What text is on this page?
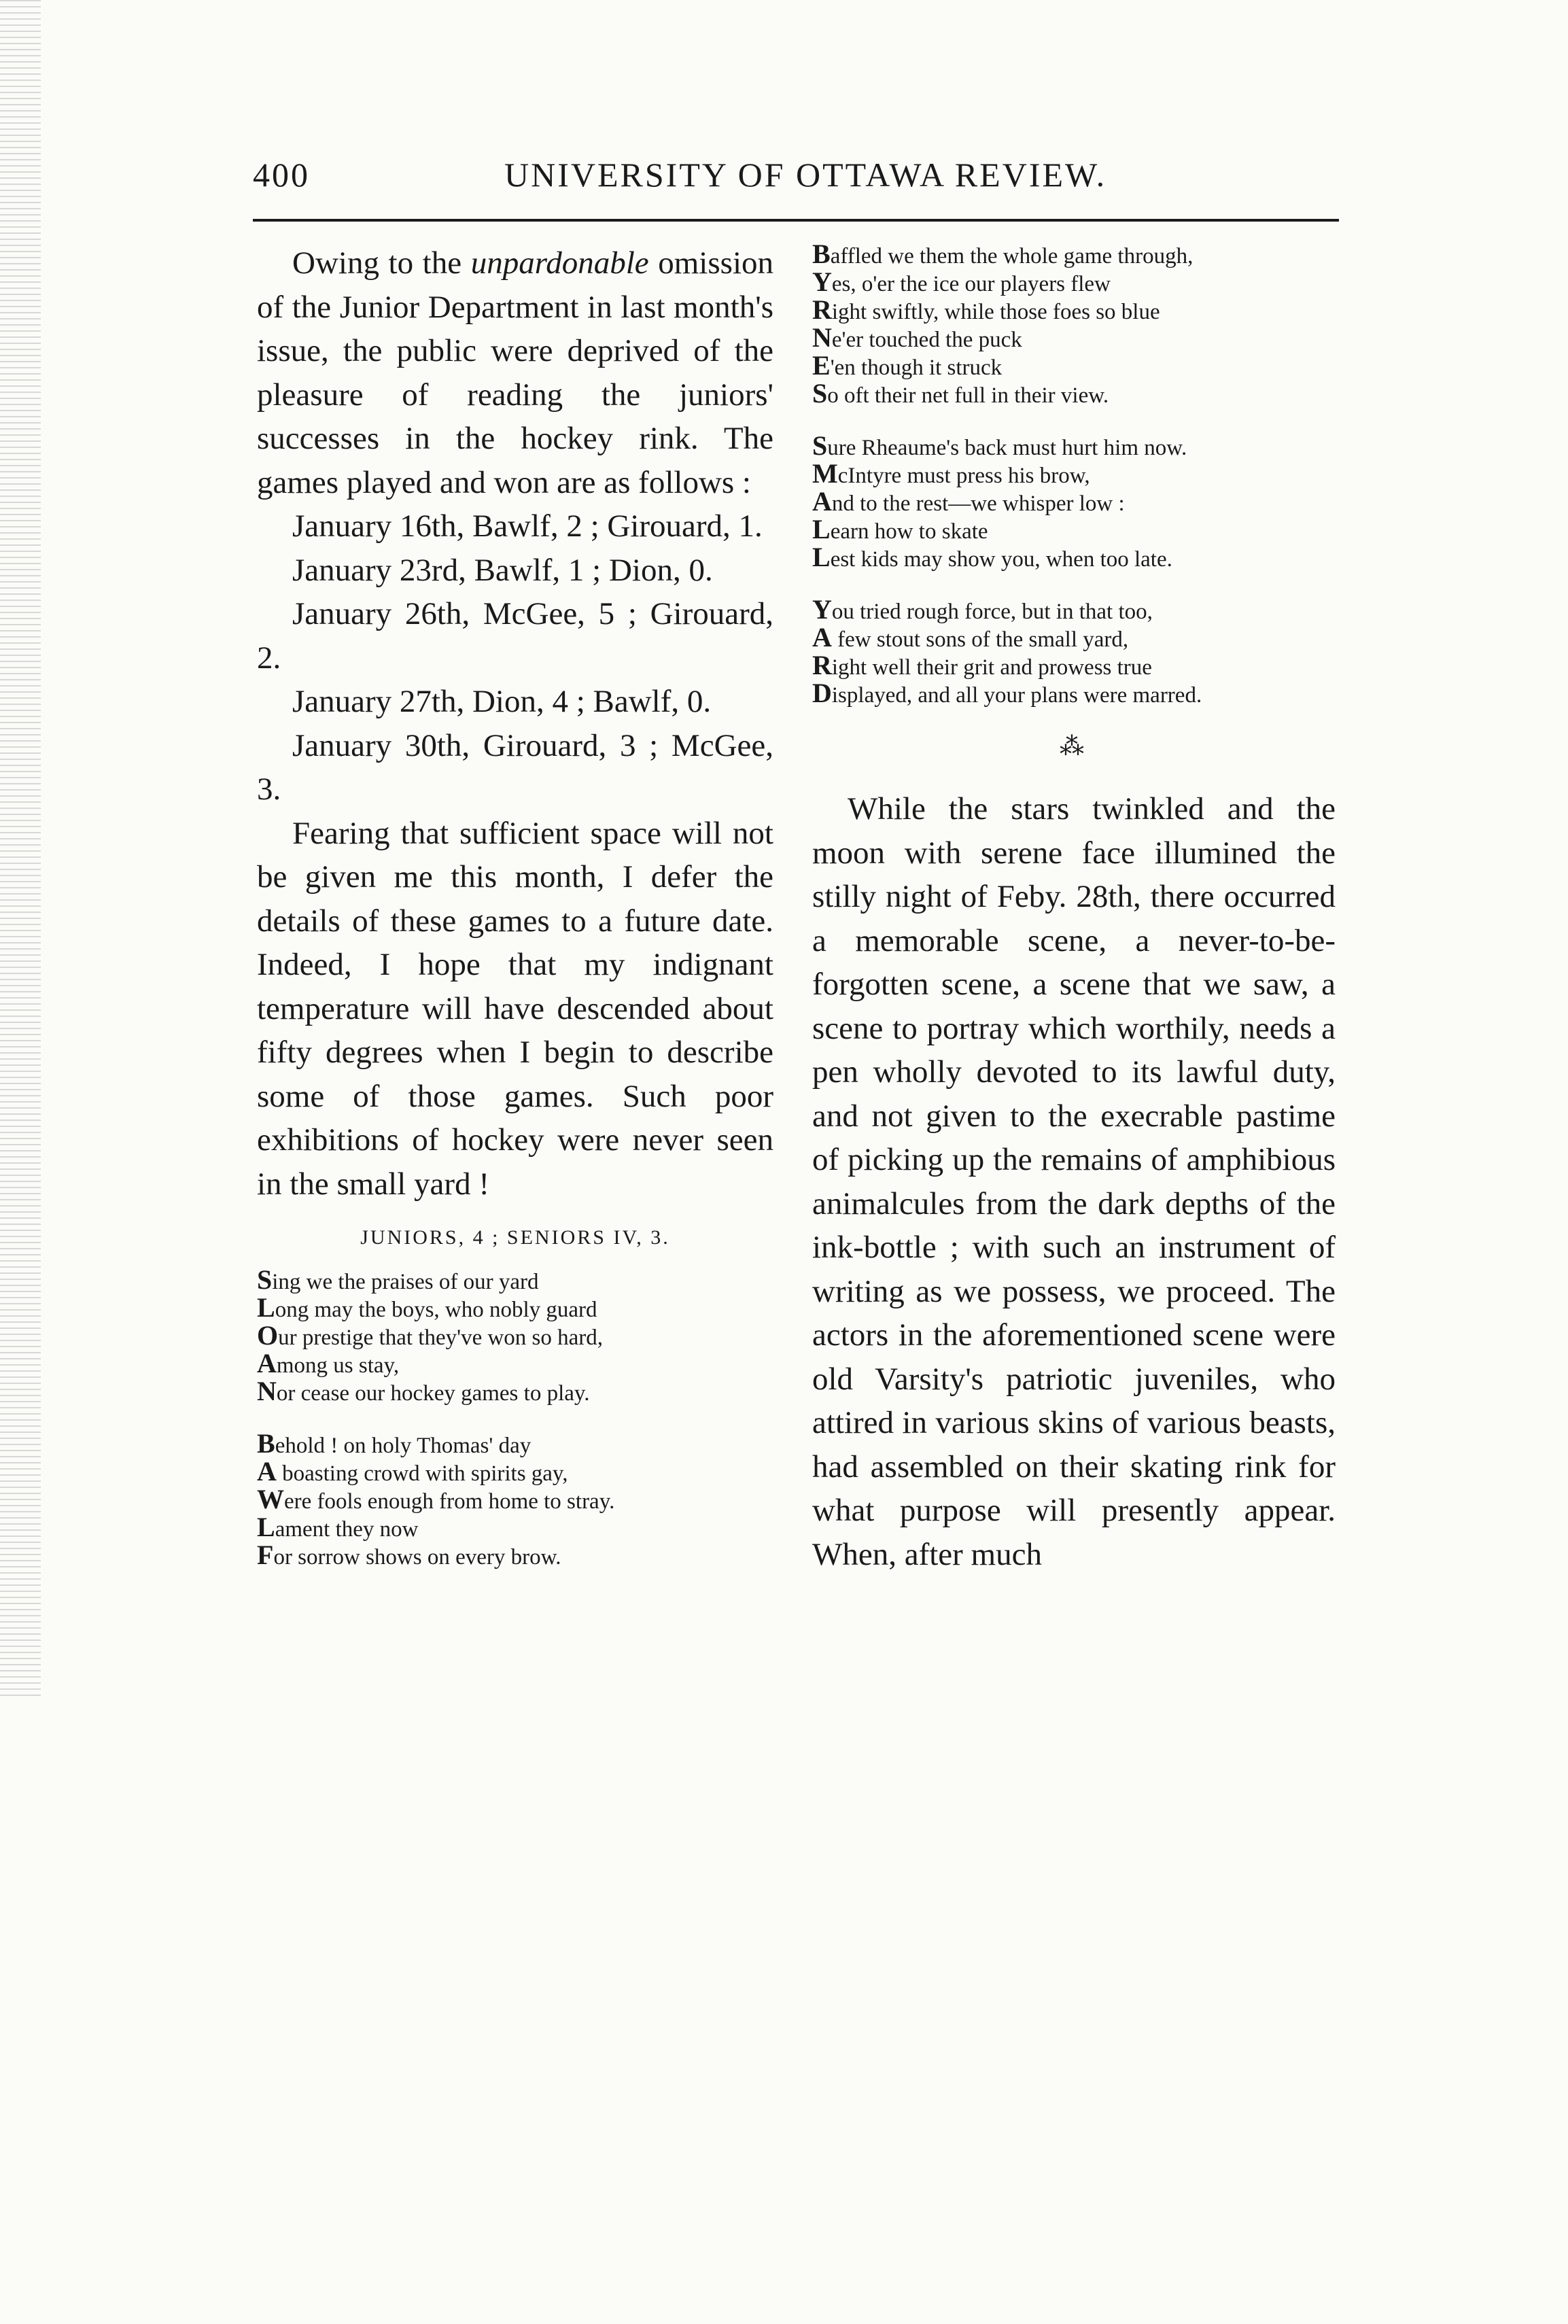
400	UNIVERSITY OF OTTAWA REVIEW.

Owing to the unpardonable omission of the Junior Department in last month's issue, the public were deprived of the pleasure of reading the juniors' successes in the hockey rink. The games played and won are as follows :

January 16th, Bawlf, 2 ; Girouard, 1.

January 23rd, Bawlf, 1 ; Dion, 0.

January 26th, McGee, 5 ; Girouard, 2.

January 27th, Dion, 4 ; Bawlf, 0.

January 30th, Girouard, 3 ; McGee, 3.

Fearing that sufficient space will not be given me this month, I defer the details of these games to a future date. Indeed, I hope that my indignant temperature will have descended about fifty degrees when I begin to describe some of those games. Such poor exhibitions of hockey were never seen in the small yard !

JUNIORS, 4 ; SENIORS IV, 3.
Sing we the praises of our yard
Long may the boys, who nobly guard
Our prestige that they've won so hard,
Among us stay,
Nor cease our hockey games to play.
Behold ! on holy Thomas' day
A boasting crowd with spirits gay,
Were fools enough from home to stray.
Lament they now
For sorrow shows on every brow.
Baffled we them the whole game through,
Yes, o'er the ice our players flew
Right swiftly, while those foes so blue
Ne'er touched the puck
E'en though it struck
So oft their net full in their view.
Sure Rheaume's back must hurt him now.
McIntyre must press his brow,
And to the rest—we whisper low :
Learn how to skate
Lest kids may show you, when too late.
You tried rough force, but in that too,
A few stout sons of the small yard,
Right well their grit and prowess true
Displayed, and all your plans were marred.
⁂

While the stars twinkled and the moon with serene face illumined the stilly night of Feby. 28th, there occurred a memorable scene, a never-to-be-forgotten scene, a scene that we saw, a scene to portray which worthily, needs a pen wholly devoted to its lawful duty, and not given to the execrable pastime of picking up the remains of amphibious animalcules from the dark depths of the ink-bottle ; with such an instrument of writing as we possess, we proceed. The actors in the aforementioned scene were old Varsity's patriotic juveniles, who attired in various skins of various beasts, had assembled on their skating rink for what purpose will presently appear. When, after much
